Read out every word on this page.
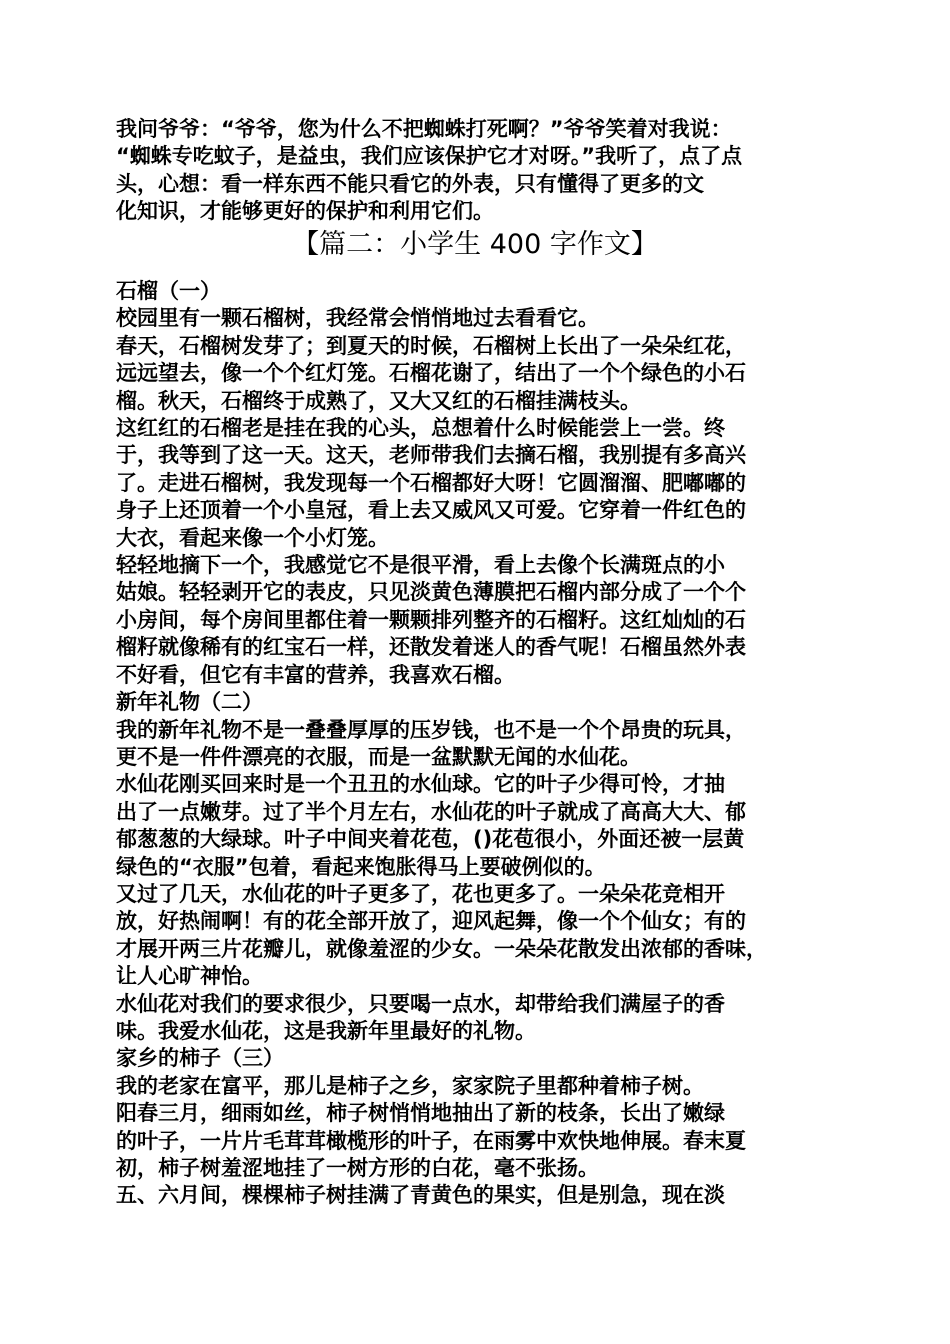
我问爷爷：“爷爷，您为什么不把蜘蛛打死啊？”爷爷笑着对我说：
“蜘蛛专吃蚊子，是益虫，我们应该保护它才对呀。”我听了，点了点
头，心想：看一样东西不能只看它的外表，只有懂得了更多的文
化知识，才能够更好的保护和利用它们。
【篇二：小学生 400 字作文】
石榴（一）
校园里有一颗石榴树，我经常会悄悄地过去看看它。
春天，石榴树发芽了；到夏天的时候，石榴树上长出了一朵朵红花，
远远望去，像一个个红灯笼。石榴花谢了，结出了一个个绿色的小石
榴。秋天，石榴终于成熟了，又大又红的石榴挂满枝头。
这红红的石榴老是挂在我的心头，总想着什么时候能尝上一尝。终
于，我等到了这一天。这天，老师带我们去摘石榴，我别提有多高兴
了。走进石榴树，我发现每一个石榴都好大呀！它圆溜溜、肥嘟嘟的
身子上还顶着一个小皇冠，看上去又威风又可爱。它穿着一件红色的
大衣，看起来像一个小灯笼。
轻轻地摘下一个，我感觉它不是很平滑，看上去像个长满斑点的小
姑娘。轻轻剥开它的表皮，只见淡黄色薄膜把石榴内部分成了一个个
小房间，每个房间里都住着一颗颗排列整齐的石榴籽。这红灿灿的石
榴籽就像稀有的红宝石一样，还散发着迷人的香气呢！石榴虽然外表
不好看，但它有丰富的营养，我喜欢石榴。
新年礼物（二）
我的新年礼物不是一叠叠厚厚的压岁钱，也不是一个个昂贵的玩具，
更不是一件件漂亮的衣服，而是一盆默默无闻的水仙花。
水仙花刚买回来时是一个丑丑的水仙球。它的叶子少得可怜，才抽
出了一点嫩芽。过了半个月左右，水仙花的叶子就成了高高大大、郁
郁葱葱的大绿球。叶子中间夹着花苞，()花苞很小，外面还被一层黄
绿色的“衣服”包着，看起来饱胀得马上要破例似的。
又过了几天，水仙花的叶子更多了，花也更多了。一朵朵花竞相开
放，好热闹啊！有的花全部开放了，迎风起舞，像一个个仙女；有的
才展开两三片花瓣儿，就像羞涩的少女。一朵朵花散发出浓郁的香味，
让人心旷神怡。
水仙花对我们的要求很少，只要喝一点水，却带给我们满屋子的香
味。我爱水仙花，这是我新年里最好的礼物。
家乡的柿子（三）
我的老家在富平，那儿是柿子之乡，家家院子里都种着柿子树。
阳春三月，细雨如丝，柿子树悄悄地抽出了新的枝条，长出了嫩绿
的叶子，一片片毛茸茸橄榄形的叶子，在雨雾中欢快地伸展。春末夏
初，柿子树羞涩地挂了一树方形的白花，毫不张扬。
五、六月间，棵棵柿子树挂满了青黄色的果实，但是别急，现在淡
